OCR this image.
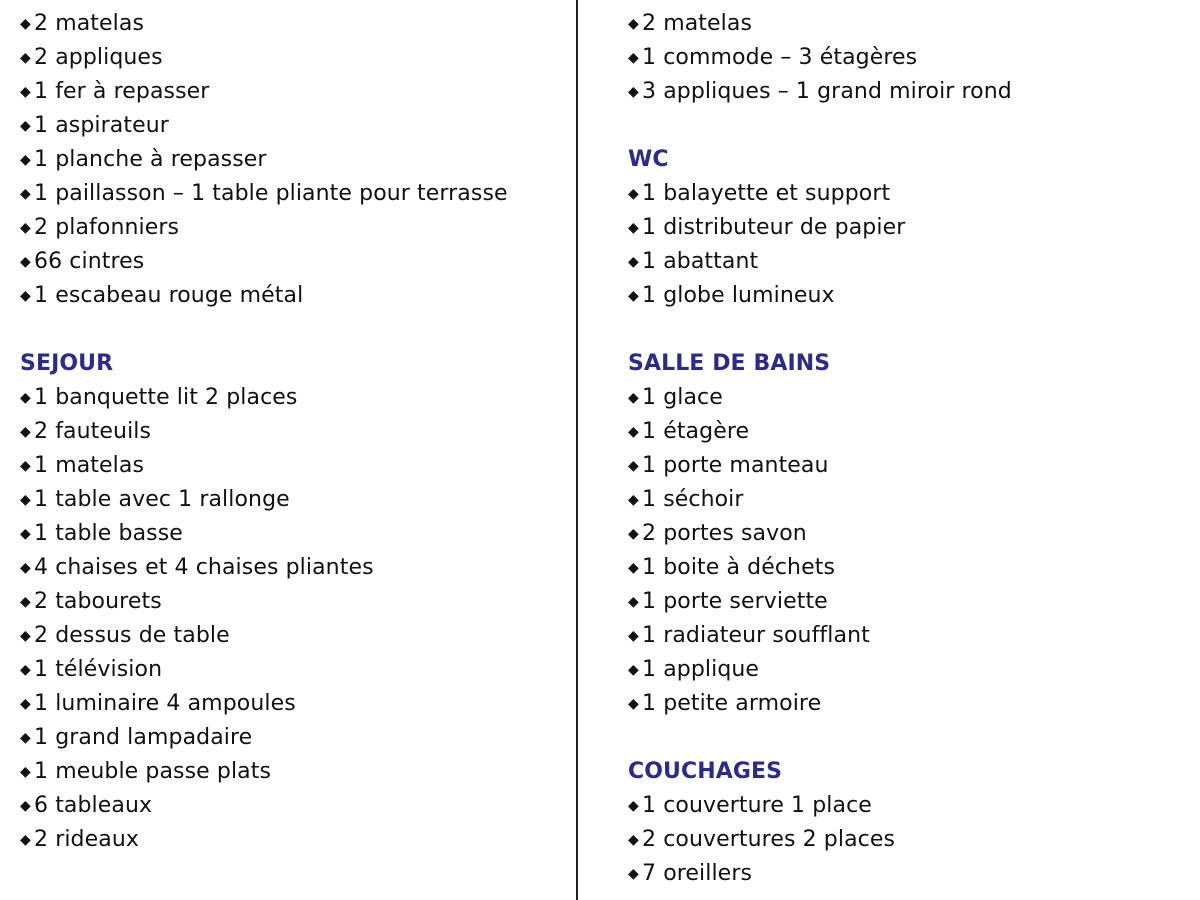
◆ 2 matelas
◆ 2 appliques
◆ 1 fer à repasser
◆ 1 aspirateur
◆ 1 planche à repasser
◆ 1 paillasson – 1 table pliante pour terrasse
◆ 2 plafonniers
◆ 66 cintres
◆ 1 escabeau rouge métal
SEJOUR
◆ 1 banquette lit 2 places
◆ 2 fauteuils
◆ 1 matelas
◆ 1 table avec 1 rallonge
◆ 1 table basse
◆ 4 chaises et 4 chaises pliantes
◆ 2 tabourets
◆ 2 dessus de table
◆ 1 télévision
◆ 1 luminaire 4 ampoules
◆ 1 grand lampadaire
◆ 1 meuble passe plats
◆ 6 tableaux
◆ 2 rideaux
◆ 2 matelas
◆ 1 commode – 3 étagères
◆ 3 appliques – 1 grand miroir rond
WC
◆ 1 balayette et support
◆ 1 distributeur de papier
◆ 1 abattant
◆ 1 globe lumineux
SALLE DE BAINS
◆ 1 glace
◆ 1 étagère
◆ 1 porte manteau
◆ 1 séchoir
◆ 2 portes savon
◆ 1 boite à déchets
◆ 1 porte serviette
◆ 1 radiateur soufflant
◆ 1 applique
◆ 1 petite armoire
COUCHAGES
◆ 1 couverture 1 place
◆ 2 couvertures 2 places
◆ 7 oreillers
